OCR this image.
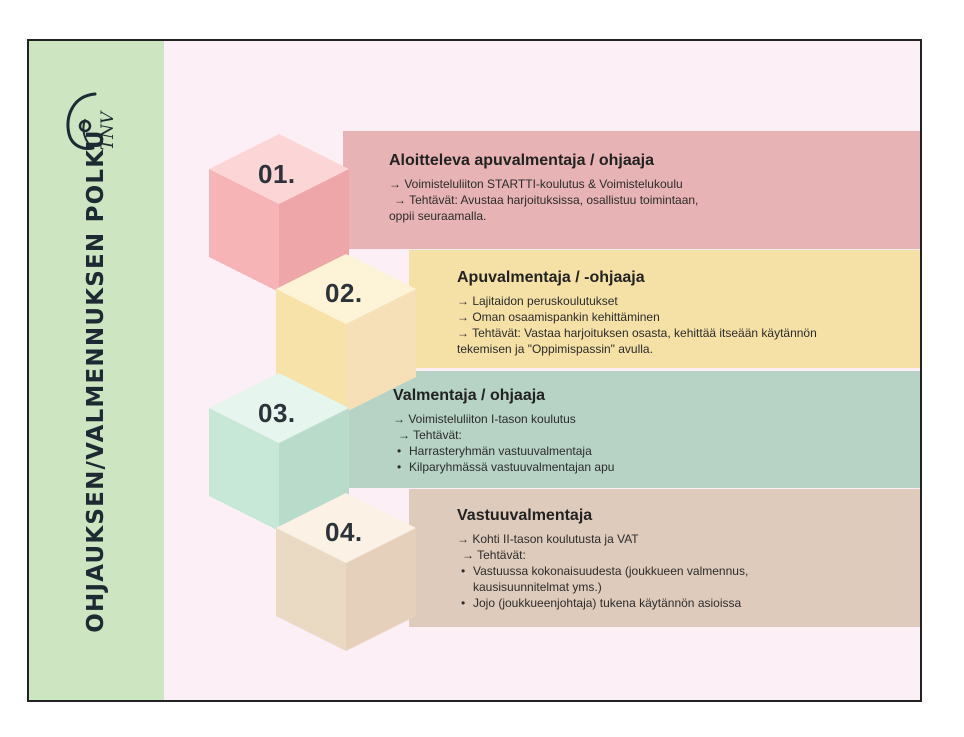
TNV
OHJAUKSEN/VALMENNUKSEN POLKU	01.
02.
03.
04.
Aloitteleva apuvalmentaja / ohjaaja
→ Voimisteluliiton STARTTI-koulutus & Voimistelukoulu
→ Tehtävät: Avustaa harjoituksissa, osallistuu toimintaan,
oppii seuraamalla.
Apuvalmentaja / -ohjaaja
→ Lajitaidon peruskoulutukset
→ Oman osaamispankin kehittäminen
→ Tehtävät: Vastaa harjoituksen osasta, kehittää itseään käytännön
tekemisen ja "Oppimispassin" avulla.
Valmentaja / ohjaaja
→ Voimisteluliiton I-tason koulutus
→ Tehtävät:
• Harrasteryhmän vastuuvalmentaja
• Kilparyhmässä vastuuvalmentajan apu
Vastuuvalmentaja
→ Kohti II-tason koulutusta ja VAT
→ Tehtävät:
• Vastuussa kokonaisuudesta (joukkueen valmennus,
kausisuunnitelmat yms.)
• Jojo (joukkueenjohtaja) tukena käytännön asioissa
